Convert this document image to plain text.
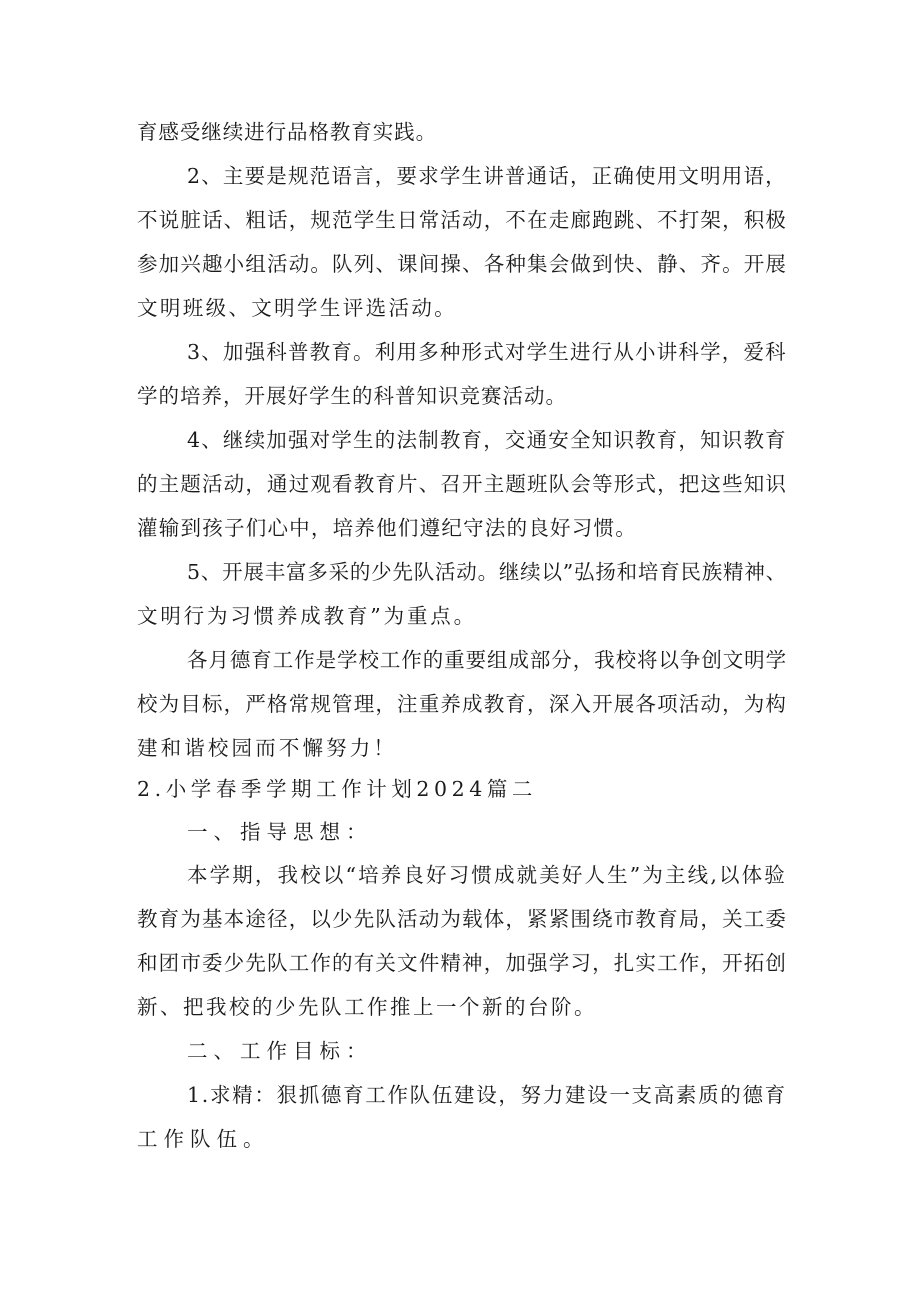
育感受继续进行品格教育实践。
2、主要是规范语言，要求学生讲普通话，正确使用文明用语，
不说脏话、粗话，规范学生日常活动，不在走廊跑跳、不打架，积极
参加兴趣小组活动。队列、课间操、各种集会做到快、静、齐。开展
文明班级、文明学生评选活动。
3、加强科普教育。利用多种形式对学生进行从小讲科学，爱科
学的培养，开展好学生的科普知识竞赛活动。
4、继续加强对学生的法制教育，交通安全知识教育，知识教育
的主题活动，通过观看教育片、召开主题班队会等形式，把这些知识
灌输到孩子们心中，培养他们遵纪守法的良好习惯。
5、开展丰富多采的少先队活动。继续以”弘扬和培育民族精神、
文明行为习惯养成教育”为重点。
各月德育工作是学校工作的重要组成部分，我校将以争创文明学
校为目标，严格常规管理，注重养成教育，深入开展各项活动，为构
建和谐校园而不懈努力！
2.小学春季学期工作计划2024篇二
一、指导思想：
本学期，我校以“培养良好习惯成就美好人生”为主线,以体验
教育为基本途径，以少先队活动为载体，紧紧围绕市教育局，关工委
和团市委少先队工作的有关文件精神，加强学习，扎实工作，开拓创
新、把我校的少先队工作推上一个新的台阶。
二、工作目标：
1.求精：狠抓德育工作队伍建设，努力建设一支高素质的德育
工作队伍。
